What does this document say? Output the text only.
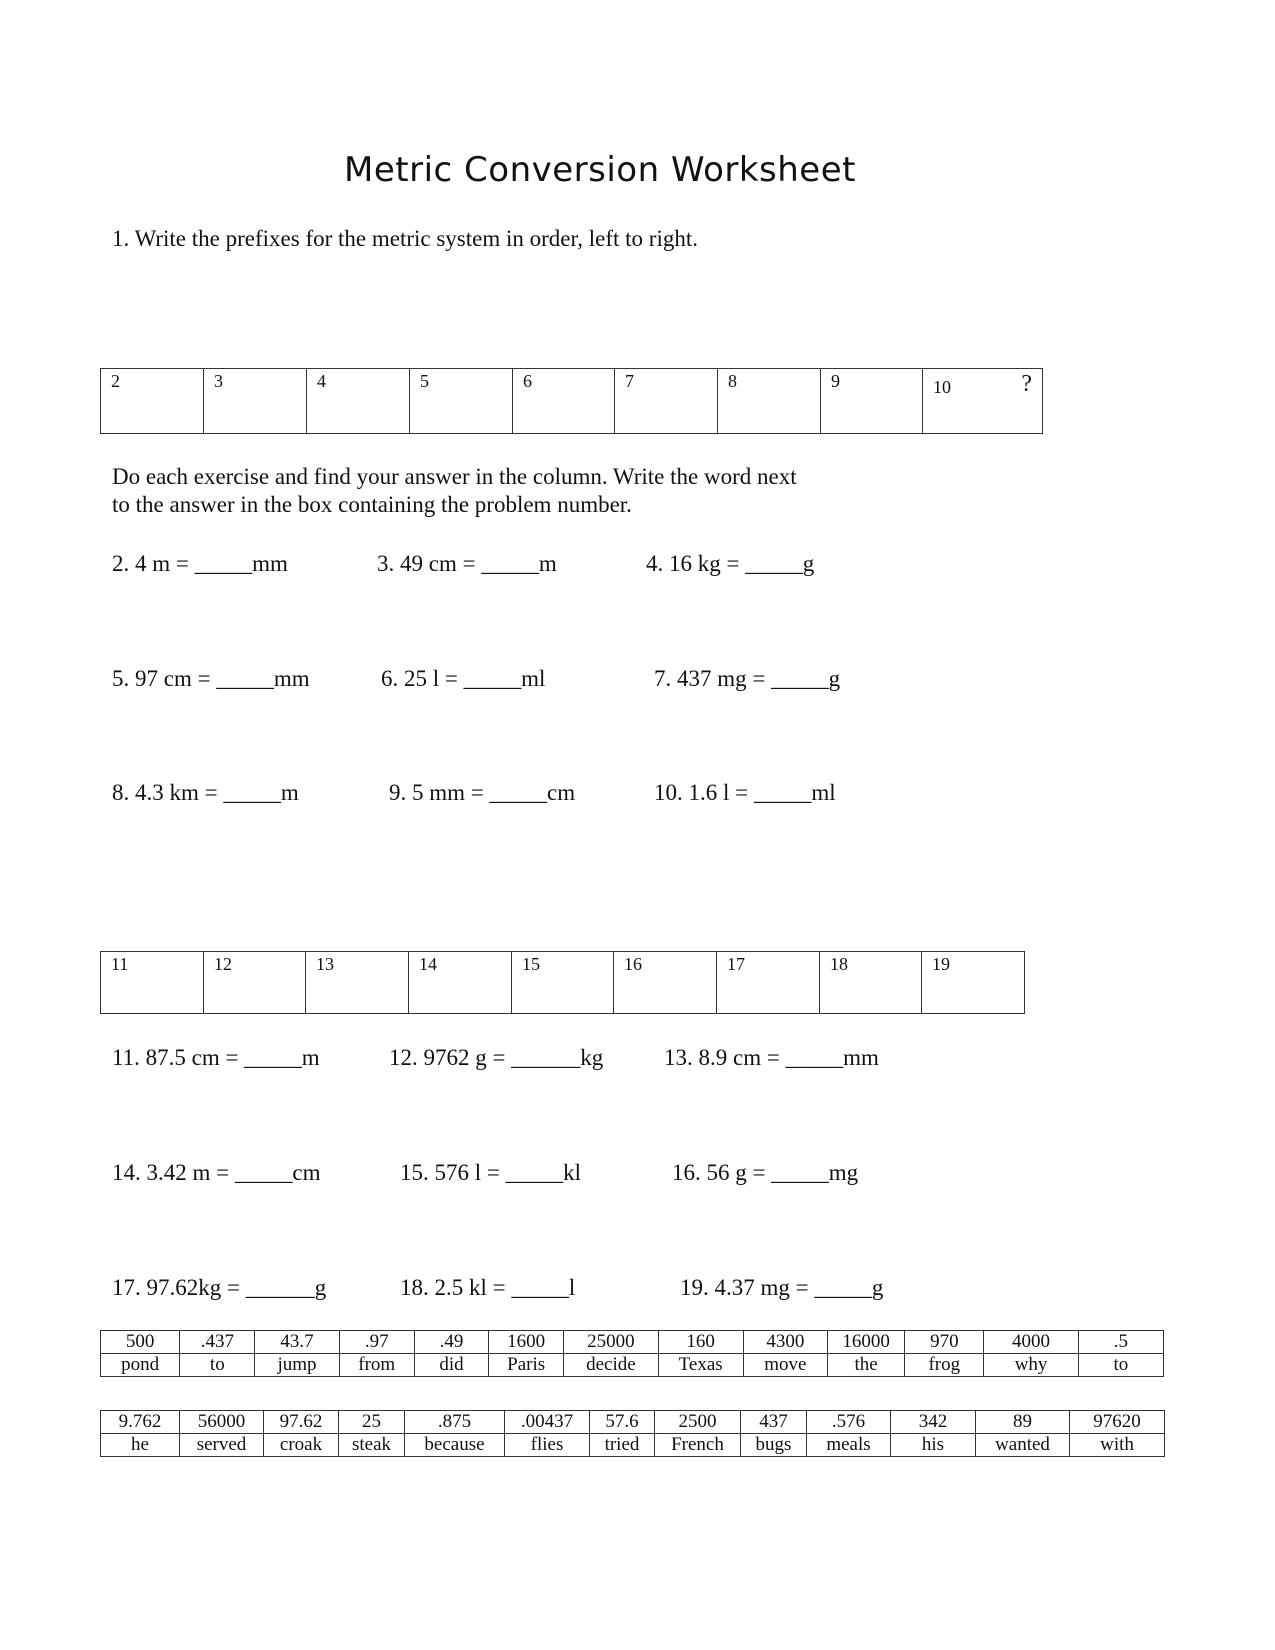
Metric Conversion Worksheet
1. Write the prefixes for the metric system in order, left to right.
2	3	4	5	6	7	8	9	10	?
Do each exercise and find your answer in the column. Write the word next
to the answer in the box containing the problem number.
2. 4 m = _____mm	3. 49 cm = _____m	4. 16 kg = _____g
5. 97 cm = _____mm	6. 25 l = _____ml	7. 437 mg = _____g
8. 4.3 km = _____m	9. 5 mm = _____cm	10. 1.6 l = _____ml
11	12	13	14	15	16	17	18	19
11. 87.5 cm = _____m	12. 9762 g = ______kg	13. 8.9 cm = _____mm
14. 3.42 m = _____cm	15. 576 l = _____kl	16. 56 g = _____mg
17. 97.62kg = ______g	18. 2.5 kl = _____l	19. 4.37 mg = _____g
500	.437	43.7	.97	.49	1600	25000	160	4300	16000	970	4000	.5
pond	to	jump	from	did	Paris	decide	Texas	move	the	frog	why	to
9.762	56000	97.62	25	.875	.00437	57.6	2500	437	.576	342	89	97620
he	served	croak	steak	because	flies	tried	French	bugs	meals	his	wanted	with
